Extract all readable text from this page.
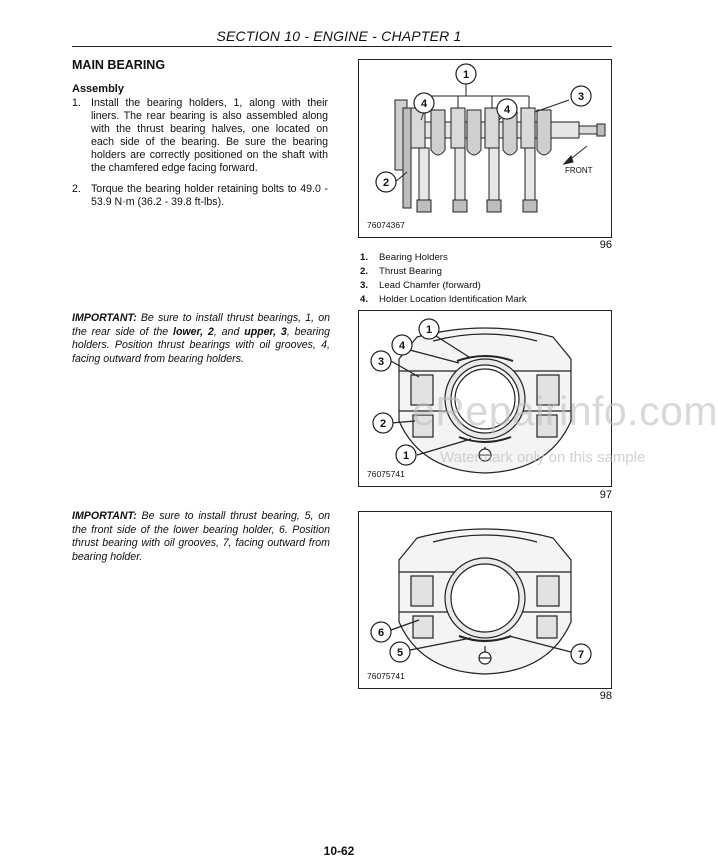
SECTION 10 - ENGINE - CHAPTER 1
MAIN BEARING
Assembly
1. Install the bearing holders, 1, along with their liners. The rear bearing is also assembled along with the thrust bearing halves, one located on each side of the bearing. Be sure the bearing holders are correctly positioned on the shaft with the chamfered edge facing forward.
2. Torque the bearing holder retaining bolts to 49.0 - 53.9 N·m (36.2 - 39.8 ft-lbs).
IMPORTANT: Be sure to install thrust bearings, 1, on the rear side of the lower, 2, and upper, 3, bearing holders. Position thrust bearings with oil grooves, 4, facing outward from bearing holders.
IMPORTANT: Be sure to install thrust bearing, 5, on the front side of the lower bearing holder, 6. Position thrust bearing with oil grooves, 7, facing outward from bearing holder.
1
3
4	4
2
FRONT
76074367
96
1. Bearing Holders
2. Thrust Bearing
3. Lead Chamfer (forward)
4. Holder Location Identification Mark
1
4
3
2
1
76075741
97
6
5	7
76075741
98
eRepairinfo.com
Watermark only on this sample
10-62
